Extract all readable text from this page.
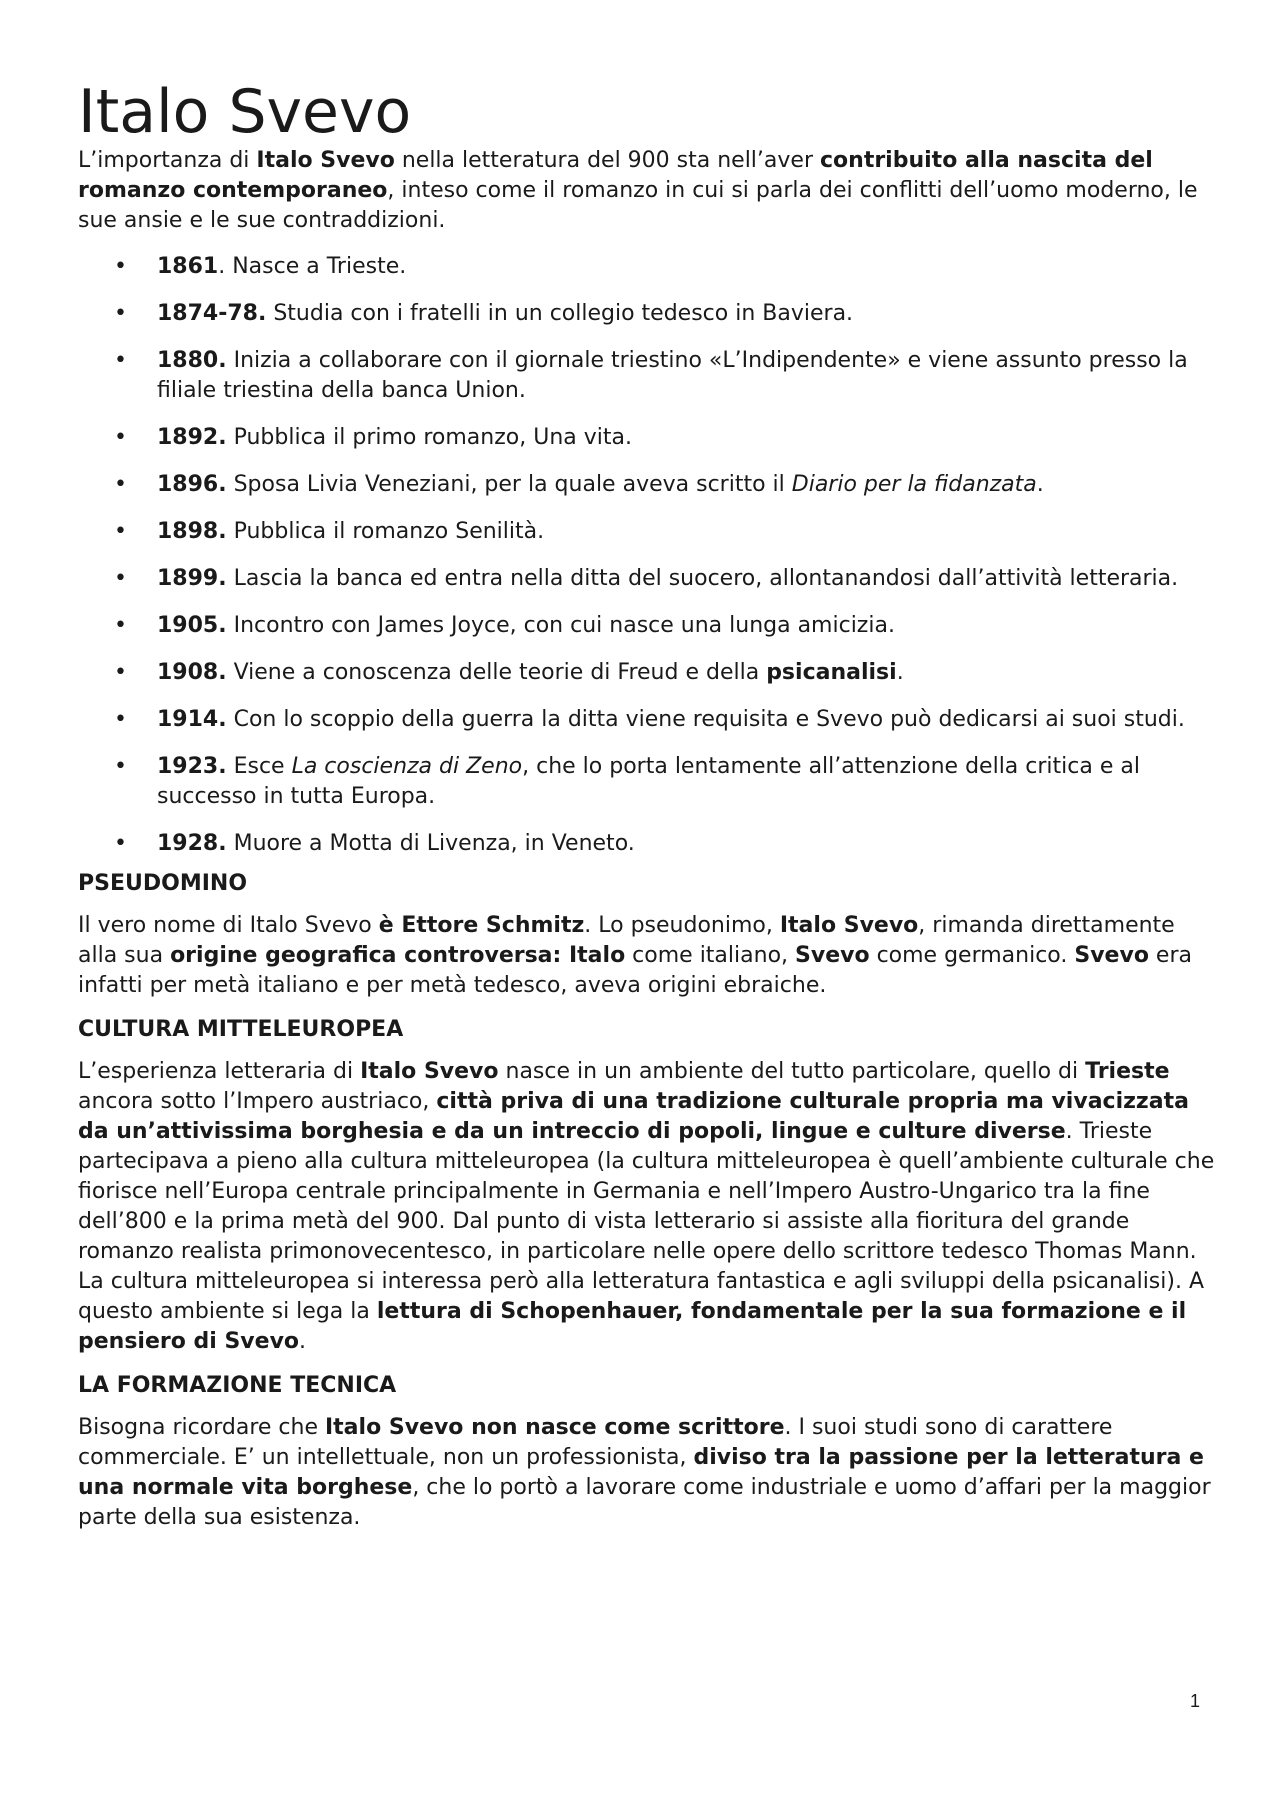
Italo Svevo

L’importanza di Italo Svevo nella letteratura del 900 sta nell’aver contribuito alla nascita del romanzo contemporaneo, inteso come il romanzo in cui si parla dei conflitti dell’uomo moderno, le sue ansie e le sue contraddizioni.

• 1861. Nasce a Trieste.
• 1874-78. Studia con i fratelli in un collegio tedesco in Baviera.
• 1880. Inizia a collaborare con il giornale triestino «L’Indipendente» e viene assunto presso la filiale triestina della banca Union.
• 1892. Pubblica il primo romanzo, Una vita.
• 1896. Sposa Livia Veneziani, per la quale aveva scritto il Diario per la fidanzata.
• 1898. Pubblica il romanzo Senilità.
• 1899. Lascia la banca ed entra nella ditta del suocero, allontanandosi dall’attività letteraria.
• 1905. Incontro con James Joyce, con cui nasce una lunga amicizia.
• 1908. Viene a conoscenza delle teorie di Freud e della psicanalisi.
• 1914. Con lo scoppio della guerra la ditta viene requisita e Svevo può dedicarsi ai suoi studi.
• 1923. Esce La coscienza di Zeno, che lo porta lentamente all’attenzione della critica e al successo in tutta Europa.
• 1928. Muore a Motta di Livenza, in Veneto.
PSEUDOMINO

Il vero nome di Italo Svevo è Ettore Schmitz. Lo pseudonimo, Italo Svevo, rimanda direttamente alla sua origine geografica controversa: Italo come italiano, Svevo come germanico. Svevo era infatti per metà italiano e per metà tedesco, aveva origini ebraiche.

CULTURA MITTELEUROPEA

L’esperienza letteraria di Italo Svevo nasce in un ambiente del tutto particolare, quello di Trieste ancora sotto l’Impero austriaco, città priva di una tradizione culturale propria ma vivacizzata da un’attivissima borghesia e da un intreccio di popoli, lingue e culture diverse. Trieste partecipava a pieno alla cultura mitteleuropea (la cultura mitteleuropea è quell’ambiente culturale che fiorisce nell’Europa centrale principalmente in Germania e nell’Impero Austro-Ungarico tra la fine dell’800 e la prima metà del 900. Dal punto di vista letterario si assiste alla fioritura del grande romanzo realista primonovecentesco, in particolare nelle opere dello scrittore tedesco Thomas Mann. La cultura mitteleuropea si interessa però alla letteratura fantastica e agli sviluppi della psicanalisi). A questo ambiente si lega la lettura di Schopenhauer, fondamentale per la sua formazione e il pensiero di Svevo.

LA FORMAZIONE TECNICA

Bisogna ricordare che Italo Svevo non nasce come scrittore. I suoi studi sono di carattere commerciale. E’ un intellettuale, non un professionista, diviso tra la passione per la letteratura e una normale vita borghese, che lo portò a lavorare come industriale e uomo d’affari per la maggior parte della sua esistenza.

1
